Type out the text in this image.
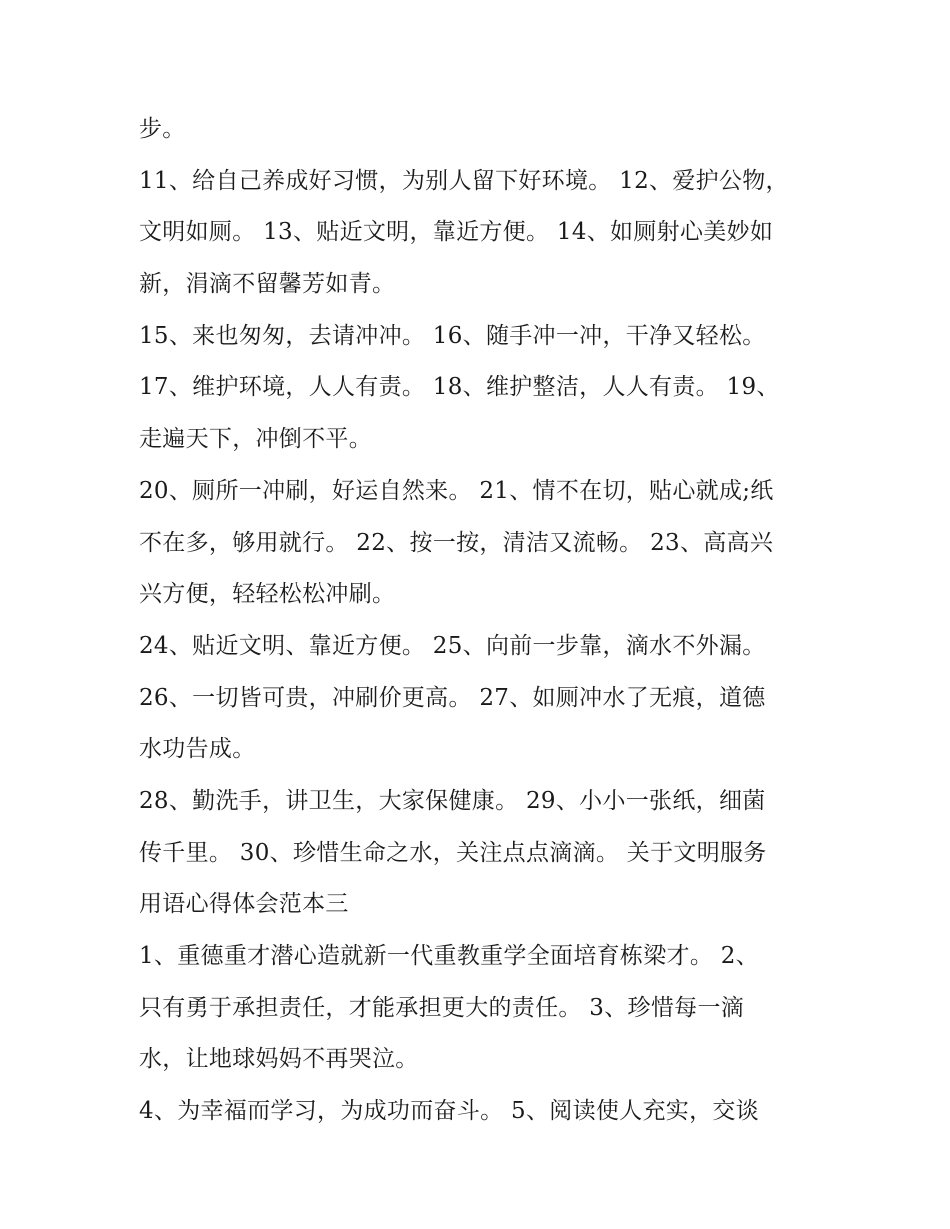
步。
11、给自己养成好习惯，为别人留下好环境。 12、爱护公物，
文明如厕。 13、贴近文明，靠近方便。 14、如厕射心美妙如
新，涓滴不留馨芳如青。
15、来也匆匆，去请冲冲。 16、随手冲一冲，干净又轻松。
17、维护环境，人人有责。 18、维护整洁，人人有责。 19、
走遍天下，冲倒不平。
20、厕所一冲刷，好运自然来。 21、情不在切，贴心就成;纸
不在多，够用就行。 22、按一按，清洁又流畅。 23、高高兴
兴方便，轻轻松松冲刷。
24、贴近文明、靠近方便。 25、向前一步靠，滴水不外漏。
26、一切皆可贵，冲刷价更高。 27、如厕冲水了无痕，道德
水功告成。
28、勤洗手，讲卫生，大家保健康。 29、小小一张纸，细菌
传千里。 30、珍惜生命之水，关注点点滴滴。 关于文明服务
用语心得体会范本三
1、重德重才潜心造就新一代重教重学全面培育栋梁才。 2、
只有勇于承担责任，才能承担更大的责任。 3、珍惜每一滴
水，让地球妈妈不再哭泣。
4、为幸福而学习，为成功而奋斗。 5、阅读使人充实，交谈
